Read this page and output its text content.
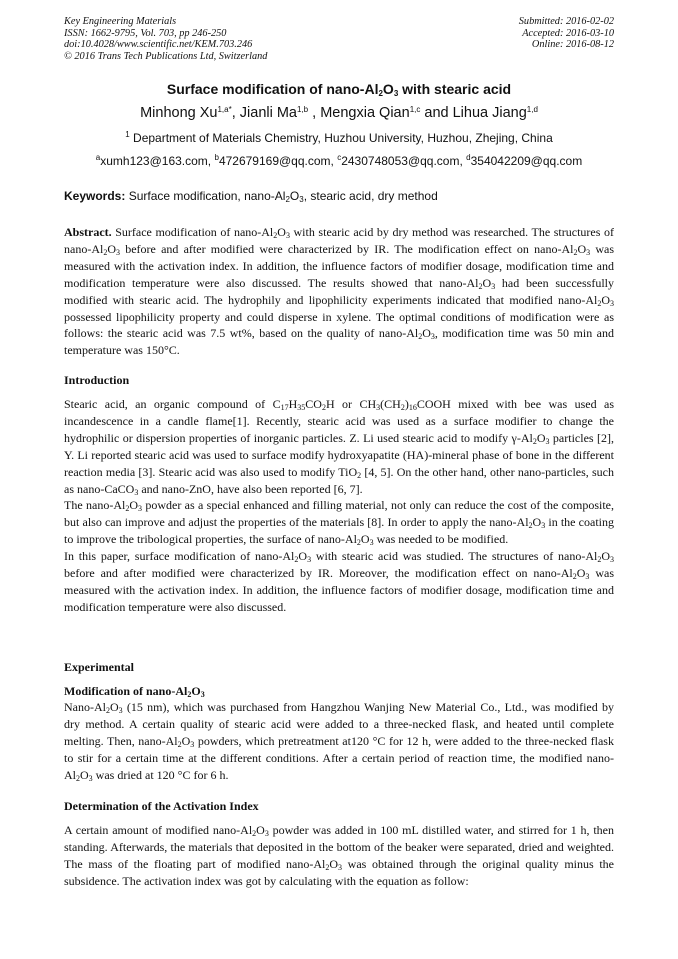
Key Engineering Materials
ISSN: 1662-9795, Vol. 703, pp 246-250
doi:10.4028/www.scientific.net/KEM.703.246
© 2016 Trans Tech Publications Ltd, Switzerland
Submitted: 2016-02-02
Accepted: 2016-03-10
Online: 2016-08-12
Surface modification of nano-$Al_2O_3$ with stearic acid
Minhong $Xu^{1,a*}$, Jianli Ma$^{1,b}$ , Mengxia Qian$^{1,c}$ and Lihua Jiang$^{1,d}$
$^1$ Department of Materials Chemistry, Huzhou University, Huzhou, Zhejing, China
$^a$xumh123@163.com, $^b$472679169@qq.com, $^c$2430748053@qq.com, $^d$354042209@qq.com
Keywords: Surface modification, nano-$Al_2O_3$, stearic acid, dry method

Abstract. Surface modification of nano-$Al_2O_3$ with stearic acid by dry method was researched. The structures of nano-$Al_2O_3$ before and after modified were characterized by IR. The modification effect on nano-$Al_2O_3$ was measured with the activation index. In addition, the influence factors of modifier dosage, modification time and modification temperature were also discussed. The results showed that nano-$Al_2O_3$ had been successfully modified with stearic acid. The hydrophily and lipophilicity experiments indicated that modified nano-$Al_2O_3$ possessed lipophilicity property and could disperse in xylene. The optimal conditions of modification were as follows: the stearic acid was 7.5 wt%, based on the quality of nano-$Al_2O_3$, modification time was 50 min and temperature was 150°C.

Introduction

Stearic acid, an organic compound of $C_{17}H_{35}CO_2H$ or $CH_3(CH_2)_{16}COOH$ mixed with bee was used as incandescence in a candle flame[1]. Recently, stearic acid was used as a surface modifier to change the hydrophilic or dispersion properties of inorganic particles. Z. Li used stearic acid to modify $\gamma-Al_2O_3$ particles [2], Y. Li reported stearic acid was used to surface modify hydroxyapatite (HA)-mineral phase of bone in the different reaction media [3]. Stearic acid was also used to modify TiO$_2$ [4, 5]. On the other hand, other nano-particles, such as nano-CaCO$_3$ and nano-ZnO, have also been reported [6, 7].

The nano-$Al_2O_3$ powder as a special enhanced and filling material, not only can reduce the cost of the composite, but also can improve and adjust the properties of the materials [8]. In order to apply the nano-$Al_2O_3$ in the coating to improve the tribological properties, the surface of nano-$Al_2O_3$ was needed to be modified.

In this paper, surface modification of nano-$Al_2O_3$ with stearic acid was studied. The structures of nano-$Al_2O_3$ before and after modified were characterized by IR. Moreover, the modification effect on nano-$Al_2O_3$ was measured with the activation index. In addition, the influence factors of modifier dosage, modification time and modification temperature were also discussed.

Experimental
Modification of nano-$Al_2O_3$

Nano-$Al_2O_3$ (15 nm), which was purchased from Hangzhou Wanjing New Material Co., Ltd., was modified by dry method. A certain quality of stearic acid were added to a three-necked flask, and heated until complete melting. Then, nano-$Al_2O_3$ powders, which pretreatment at120 °C for 12 h, were added to the three-necked flask to stir for a certain time at the different conditions. After a certain period of reaction time, the modified nano-$Al_2O_3$ was dried at 120 °C for 6 h.

Determination of the Activation Index

A certain amount of modified nano-$Al_2O_3$ powder was added in 100 mL distilled water, and stirred for 1 h, then standing. Afterwards, the materials that deposited in the bottom of the beaker were separated, dried and weighted. The mass of the floating part of modified nano-$Al_2O_3$ was obtained through the original quality minus the subsidence. The activation index was got by calculating with the equation as follow:
